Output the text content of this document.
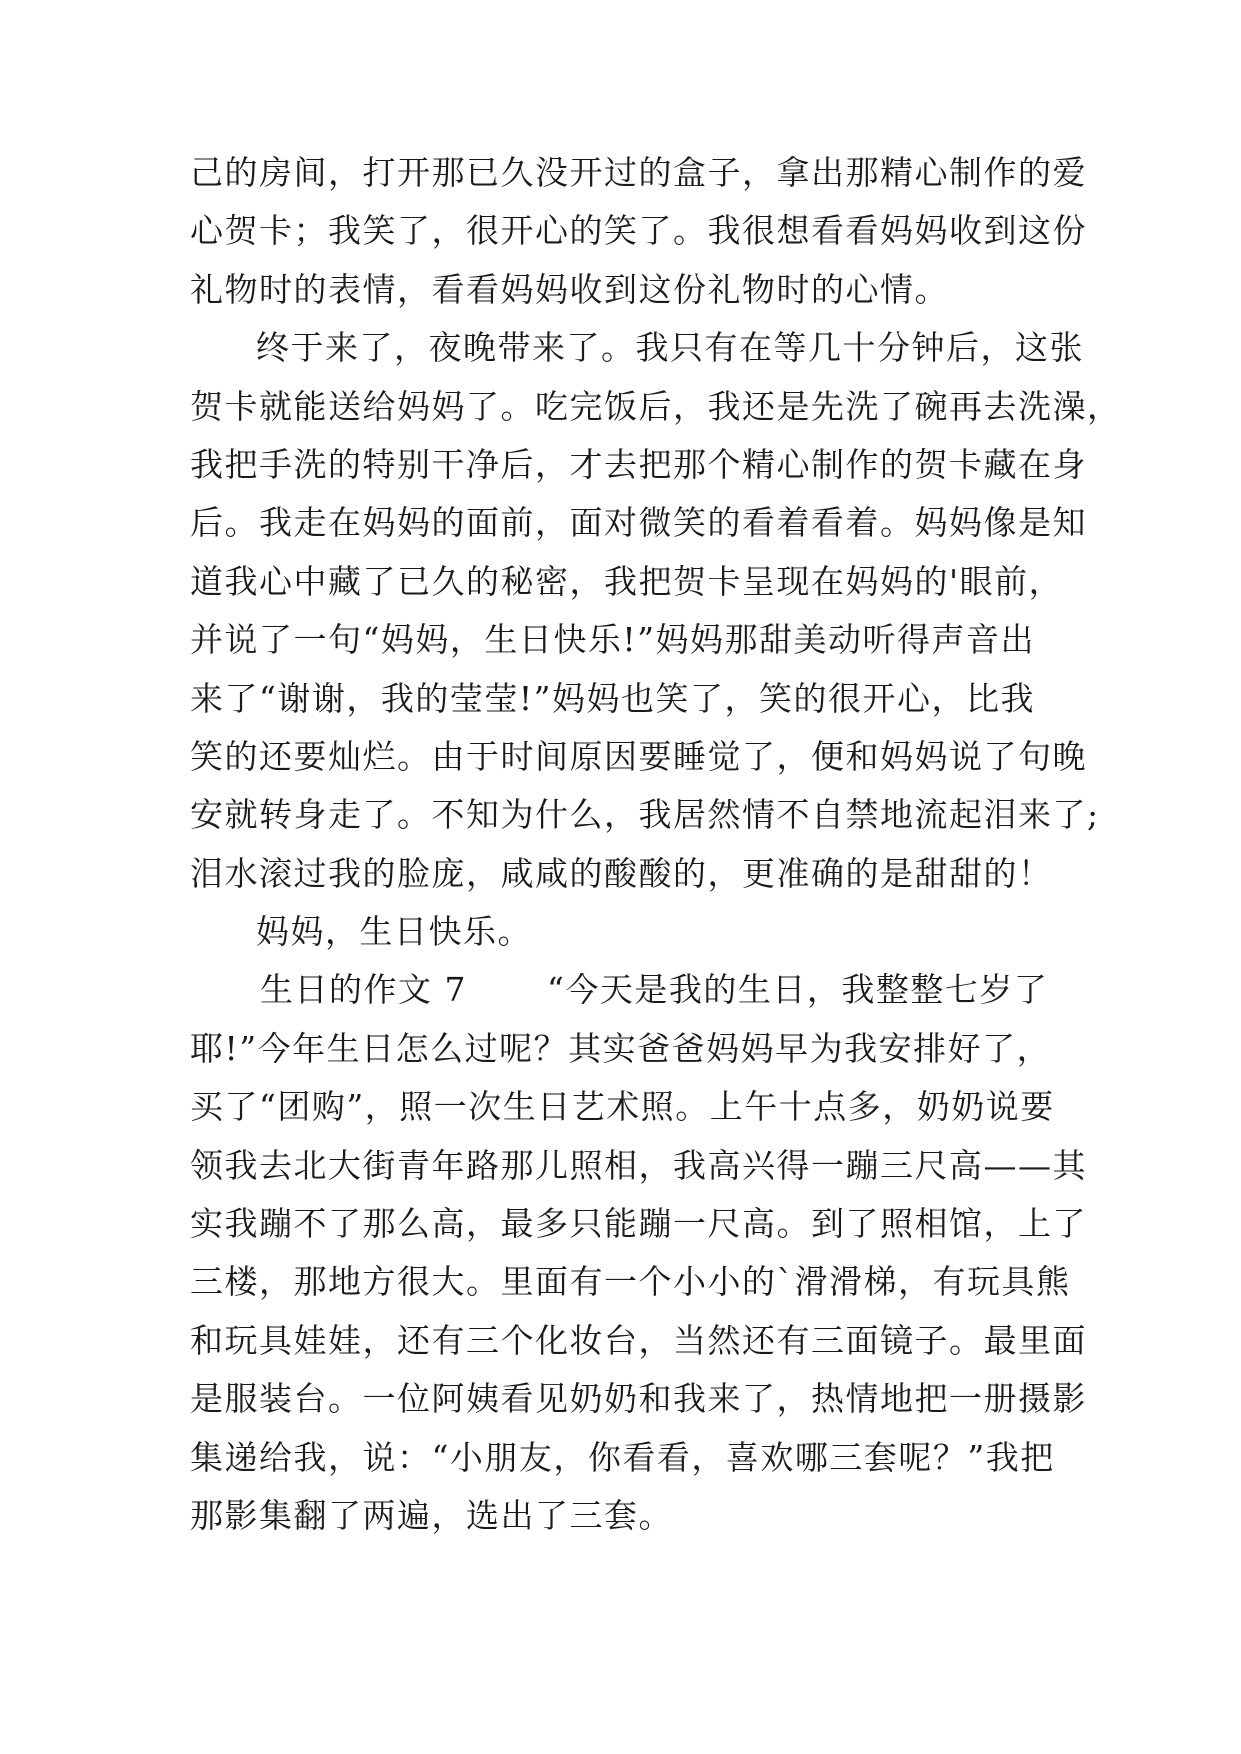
己的房间，打开那已久没开过的盒子，拿出那精心制作的爱
心贺卡；我笑了，很开心的笑了。我很想看看妈妈收到这份
礼物时的表情，看看妈妈收到这份礼物时的心情。
终于来了，夜晚带来了。我只有在等几十分钟后，这张
贺卡就能送给妈妈了。吃完饭后，我还是先洗了碗再去洗澡，
我把手洗的特别干净后，才去把那个精心制作的贺卡藏在身
后。我走在妈妈的面前，面对微笑的看着看着。妈妈像是知
道我心中藏了已久的秘密，我把贺卡呈现在妈妈的'眼前，
并说了一句“妈妈，生日快乐!”妈妈那甜美动听得声音出
来了“谢谢，我的莹莹!”妈妈也笑了，笑的很开心，比我
笑的还要灿烂。由于时间原因要睡觉了，便和妈妈说了句晚
安就转身走了。不知为什么，我居然情不自禁地流起泪来了;
泪水滚过我的脸庞，咸咸的酸酸的，更准确的是甜甜的！
妈妈，生日快乐。
生日的作文 7 “今天是我的生日，我整整七岁了
耶!”今年生日怎么过呢？其实爸爸妈妈早为我安排好了，
买了“团购”，照一次生日艺术照。上午十点多，奶奶说要
领我去北大街青年路那儿照相，我高兴得一蹦三尺高——其
实我蹦不了那么高，最多只能蹦一尺高。到了照相馆，上了
三楼，那地方很大。里面有一个小小的`滑滑梯，有玩具熊
和玩具娃娃，还有三个化妆台，当然还有三面镜子。最里面
是服装台。一位阿姨看见奶奶和我来了，热情地把一册摄影
集递给我，说：“小朋友，你看看，喜欢哪三套呢？”我把
那影集翻了两遍，选出了三套。
